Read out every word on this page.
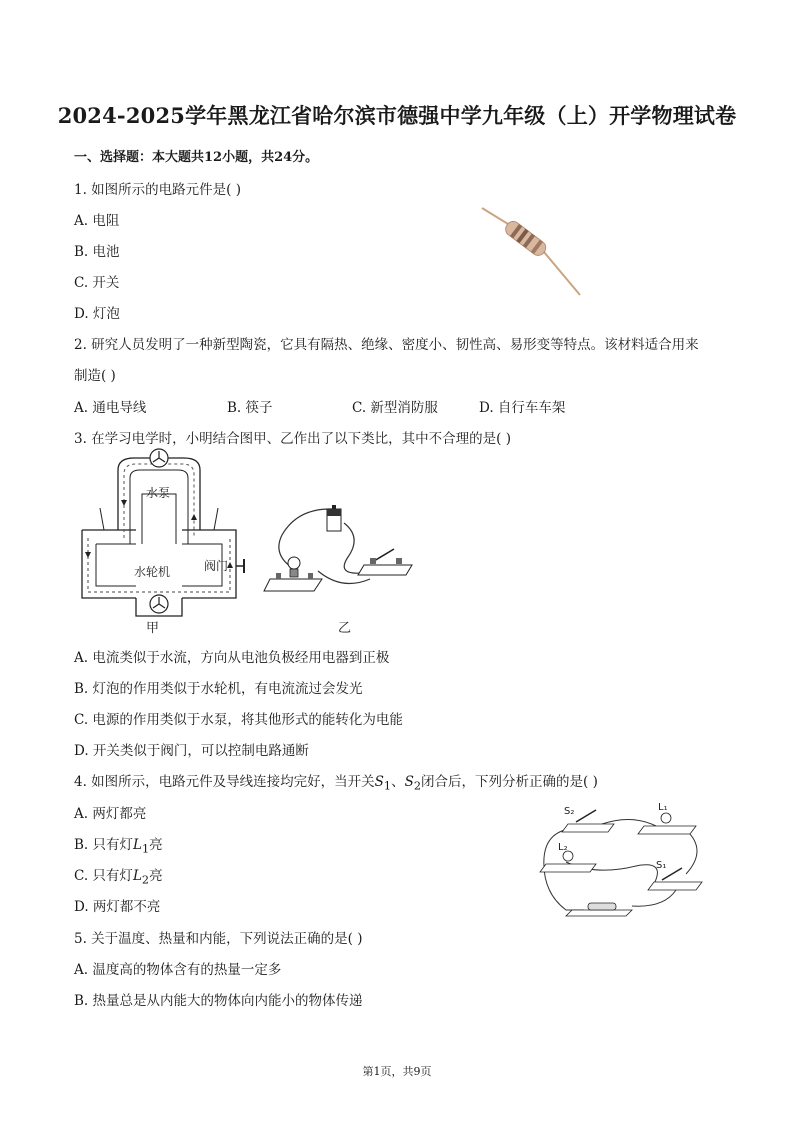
2024-2025学年黑龙江省哈尔滨市德强中学九年级（上）开学物理试卷
一、选择题：本大题共12小题，共24分。
1. 如图所示的电路元件是( )
A. 电阻
B. 电池
C. 开关
D. 灯泡
2. 研究人员发明了一种新型陶瓷，它具有隔热、绝缘、密度小、韧性高、易形变等特点。该材料适合用来
制造( )
A. 通电导线	B. 筷子	C. 新型消防服	D. 自行车车架
3. 在学习电学时，小明结合图甲、乙作出了以下类比，其中不合理的是( )
水泵
阀门
水轮机
甲	乙
A. 电流类似于水流，方向从电池负极经用电器到正极
B. 灯泡的作用类似于水轮机，有电流流过会发光
C. 电源的作用类似于水泵，将其他形式的能转化为电能
D. 开关类似于阀门，可以控制电路通断
4. 如图所示，电路元件及导线连接均完好，当开关$S_1$、$S_2$闭合后，下列分析正确的是( )
A. 两灯都亮
B. 只有灯$L_1$亮
C. 只有灯$L_2$亮
D. 两灯都不亮
S₂	L₁
L₂
S₁
5. 关于温度、热量和内能，下列说法正确的是( )
A. 温度高的物体含有的热量一定多
B. 热量总是从内能大的物体向内能小的物体传递
第1页，共9页
